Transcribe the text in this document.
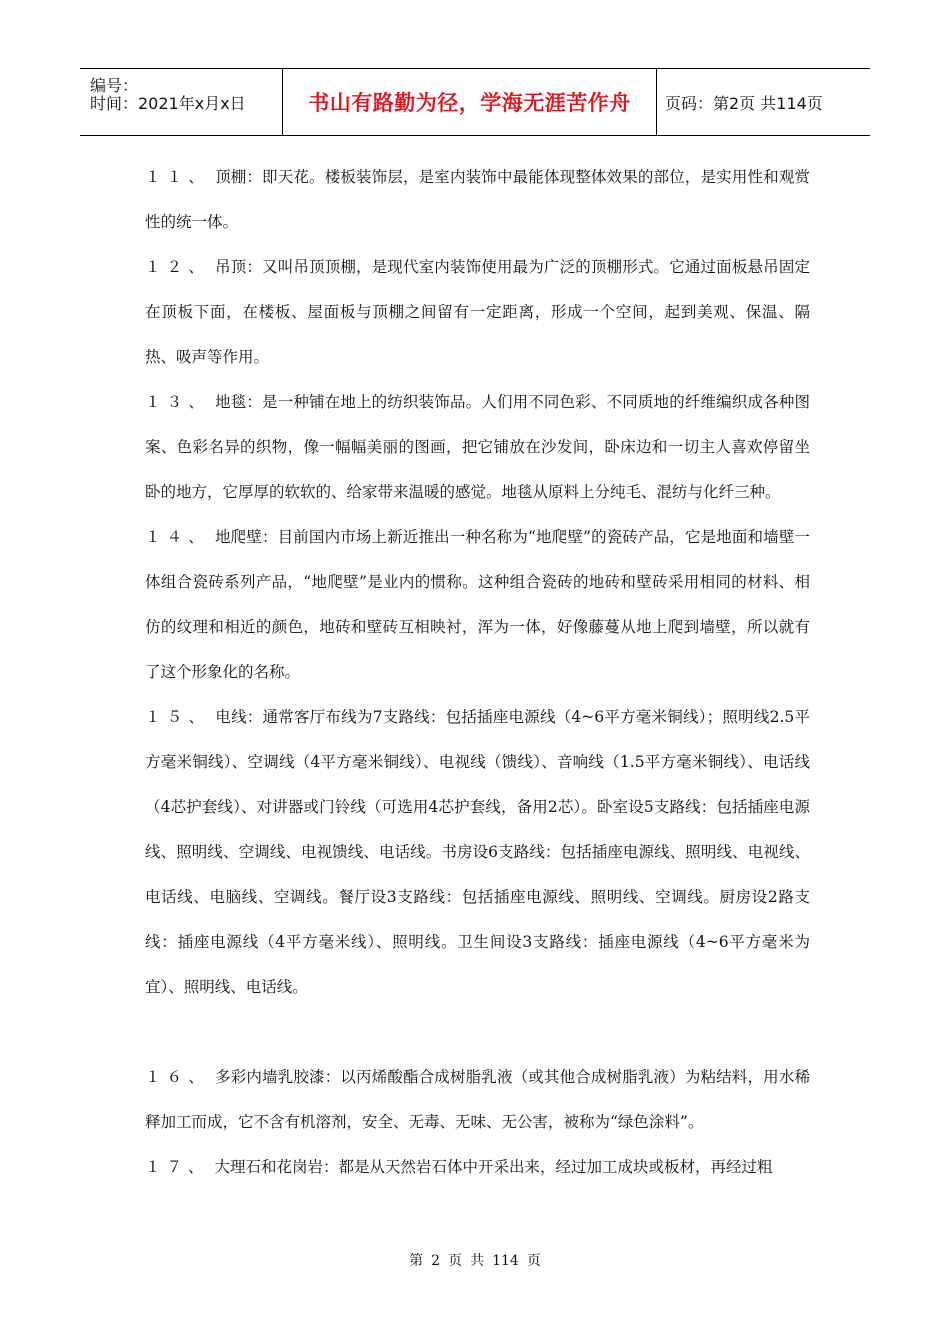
编号：
时间：2021年x月x日	书山有路勤为径，学海无涯苦作舟 页码：第2页 共114页

１１、 顶棚：即天花。楼板装饰层，是室内装饰中最能体现整体效果的部位，是实用性和观赏性的统一体。

１２、 吊顶：又叫吊顶顶棚，是现代室内装饰使用最为广泛的顶棚形式。它通过面板悬吊固定在顶板下面，在楼板、屋面板与顶棚之间留有一定距离，形成一个空间，起到美观、保温、隔热、吸声等作用。

１３、 地毯：是一种铺在地上的纺织装饰品。人们用不同色彩、不同质地的纤维编织成各种图案、色彩名异的织物，像一幅幅美丽的图画，把它铺放在沙发间，卧床边和一切主人喜欢停留坐卧的地方，它厚厚的软软的、给家带来温暖的感觉。地毯从原料上分纯毛、混纺与化纤三种。

１４、 地爬壁：目前国内市场上新近推出一种名称为“地爬壁”的瓷砖产品，它是地面和墙壁一体组合瓷砖系列产品，“地爬壁”是业内的惯称。这种组合瓷砖的地砖和壁砖采用相同的材料、相仿的纹理和相近的颜色，地砖和壁砖互相映衬，浑为一体，好像藤蔓从地上爬到墙壁，所以就有了这个形象化的名称。

１５、 电线：通常客厅布线为7支路线：包括插座电源线（4~6平方毫米铜线）；照明线2.5平方毫米铜线）、空调线（4平方毫米铜线）、电视线（馈线）、音响线（1.5平方毫米铜线）、电话线（4芯护套线）、对讲器或门铃线（可选用4芯护套线，备用2芯）。卧室设5支路线：包括插座电源线、照明线、空调线、电视馈线、电话线。书房设6支路线：包括插座电源线、照明线、电视线、电话线、电脑线、空调线。餐厅设3支路线：包括插座电源线、照明线、空调线。厨房设2路支线：插座电源线（4平方毫米线）、照明线。卫生间设3支路线：插座电源线（4~6平方毫米为宜）、照明线、电话线。

１６、 多彩内墙乳胶漆：以丙烯酸酯合成树脂乳液（或其他合成树脂乳液）为粘结料，用水稀释加工而成，它不含有机溶剂，安全、无毒、无味、无公害，被称为“绿色涂料”。

１７、 大理石和花岗岩：都是从天然岩石体中开采出来，经过加工成块或板材，再经过粗

第 2 页 共 114 页
